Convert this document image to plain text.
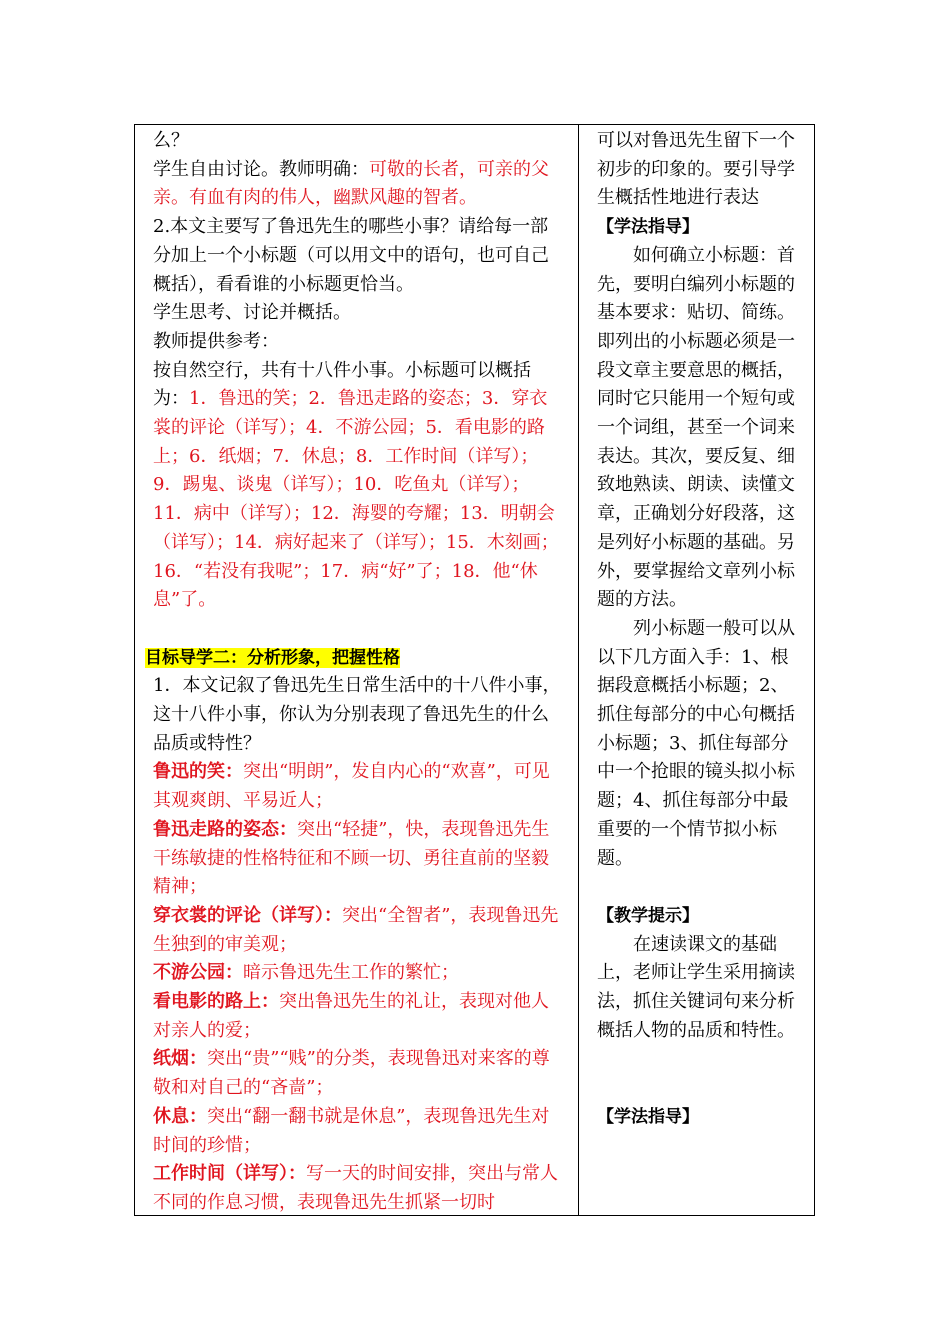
么？

学生自由讨论。教师明确：可敬的长者，可亲的父亲。有血有肉的伟人，幽默风趣的智者。

2.本文主要写了鲁迅先生的哪些小事？请给每一部分加上一个小标题（可以用文中的语句，也可自己概括），看看谁的小标题更恰当。

学生思考、讨论并概括。

教师提供参考：

按自然空行，共有十八件小事。小标题可以概括为：1．鲁迅的笑；2．鲁迅走路的姿态；3．穿衣裳的评论（详写）；4．不游公园；5．看电影的路上；6．纸烟；7．休息；8．工作时间（详写）；9．踢鬼、谈鬼（详写）；10．吃鱼丸（详写）；11．病中（详写）；12．海婴的夸耀；13．明朝会（详写）；14．病好起来了（详写）；15．木刻画；16．“若没有我呢”；17．病“好”了；18．他“休息”了。

目标导学二：分析形象，把握性格

1．本文记叙了鲁迅先生日常生活中的十八件小事，这十八件小事，你认为分别表现了鲁迅先生的什么品质或特性？

鲁迅的笑：突出“明朗”，发自内心的“欢喜”，可见其观爽朗、平易近人；

鲁迅走路的姿态：突出“轻捷”，快，表现鲁迅先生干练敏捷的性格特征和不顾一切、勇往直前的坚毅精神；

穿衣裳的评论（详写）：突出“全智者”，表现鲁迅先生独到的审美观；

不游公园：暗示鲁迅先生工作的繁忙；

看电影的路上：突出鲁迅先生的礼让，表现对他人对亲人的爱；

纸烟：突出“贵”“贱”的分类，表现鲁迅对来客的尊敬和对自己的“吝啬”；

休息：突出“翻一翻书就是休息”，表现鲁迅先生对时间的珍惜；

工作时间（详写）：写一天的时间安排，突出与常人不同的作息习惯，表现鲁迅先生抓紧一切时

可以对鲁迅先生留下一个初步的印象的。要引导学生概括性地进行表达

【学法指导】

如何确立小标题：首先，要明白编列小标题的基本要求：贴切、简练。即列出的小标题必须是一段文章主要意思的概括，同时它只能用一个短句或一个词组，甚至一个词来表达。其次，要反复、细致地熟读、朗读、读懂文章，正确划分好段落，这是列好小标题的基础。另外，要掌握给文章列小标题的方法。

列小标题一般可以从以下几方面入手：1、根据段意概括小标题；2、抓住每部分的中心句概括小标题；3、抓住每部分中一个抢眼的镜头拟小标题；4、抓住每部分中最重要的一个情节拟小标题。

【教学提示】

在速读课文的基础上，老师让学生采用摘读法，抓住关键词句来分析概括人物的品质和特性。

【学法指导】
